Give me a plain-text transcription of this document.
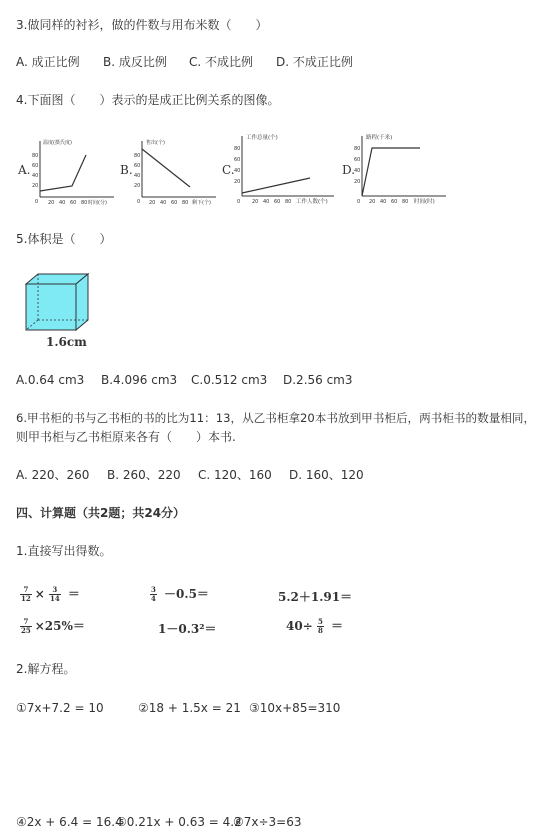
3.做同样的衬衫，做的件数与用布米数（　　）
A. 成正比例 B. 成反比例 C. 不成比例 D. 不成正比例
4.下面图（　　）表示的是成正比例关系的图像。
A.
温度(摄氏度)
80
60
40
20
0 20 40 60 80 时间(分)
B.
售出(个)
80
60
40
20
0 20 40 60 80 剩下(个)
C.
工作总量(个)
80
60
40
20
0 20 40 60 80 工作人数(个)
D.
路程(千米)
80
60
40
20
0 20 40 60 80 时间(时)
5.体积是（　　）
1.6cm
A.0.64 cm3 B.4.096 cm3 C.0.512 cm3 D.2.56 cm3
6.甲书柜的书与乙书柜的书的比为11：13，从乙书柜拿20本书放到甲书柜后，两书柜书的数量相同，
则甲书柜与乙书柜原来各有（　　）本书.
A. 220、260 B. 260、220 C. 120、160 D. 160、120
四、计算题（共2题；共24分）
1.直接写出得数。
$\frac{7}{12} \times \frac{3}{14}$ ＝	$\frac{3}{4} -0.5=$	5.2＋1.91＝
$\frac{7}{25} \times 25\%=$	1－0.3²＝	$40\div \frac{5}{8}$ ＝
2.解方程。
①7x+7.2 = 10	②18 + 1.5x = 21 ③10x+85=310
④2x + 6.4 = 16.4
⑤0.21x + 0.63 = 4.2
⑥7x÷3=63
